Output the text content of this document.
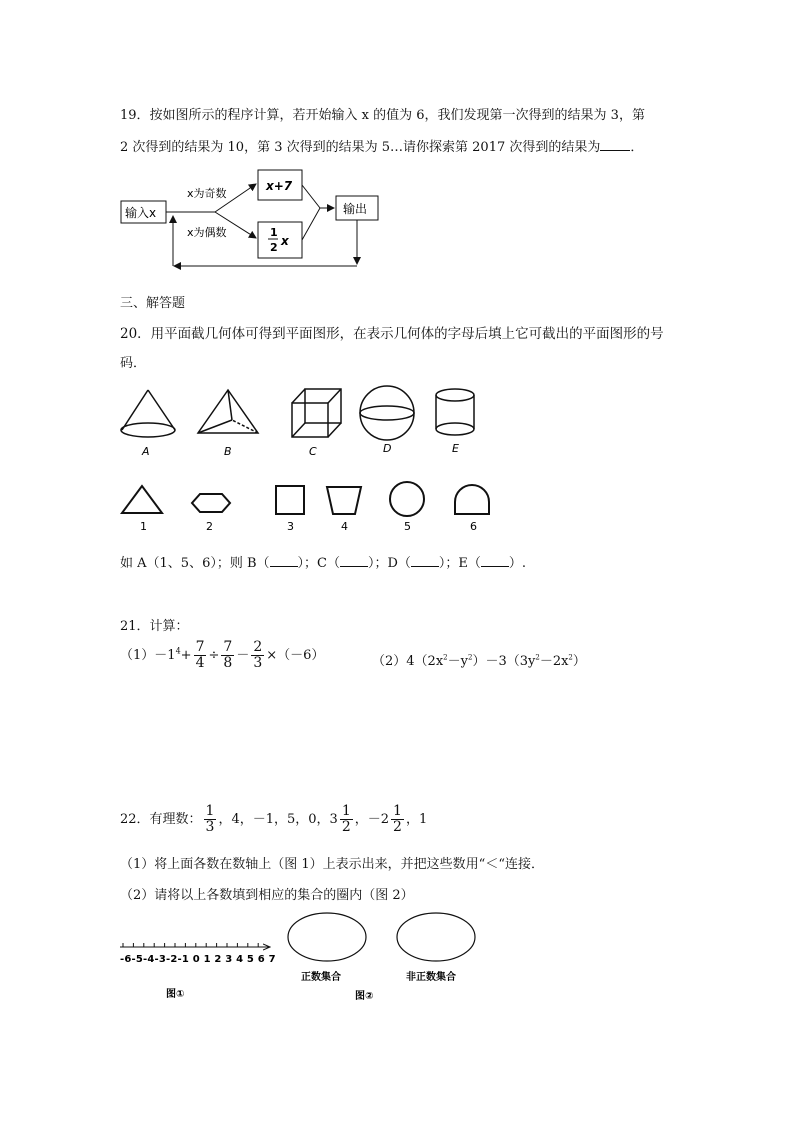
19．按如图所示的程序计算，若开始输入 x 的值为 6，我们发现第一次得到的结果为 3，第
2 次得到的结果为 10，第 3 次得到的结果为 5…请你探索第 2017 次得到的结果为 ．
输入x
x为奇数
x为偶数
x+7
1
2 x
输出
三、解答题
20．用平面截几何体可得到平面图形，在表示几何体的字母后填上它可截出的平面图形的号
码．
A	B	C	D	E
1	2	3	4	5	6
如 A（1、5、6）；则 B（ ）；C（ ）；D（ ）；E（ ）.
21．计算：
$(1)-1^4+ \frac{7}{4} \div \frac{7}{8} - \frac{2}{3} \times(-6)$	$(2)4(2x^2-y^2)-3(3y^2-2x^2)$
22．有理数： $\frac{1}{3}$ ，4，－1，5，0，$3 \frac{1}{2}$ ，$-2 \frac{1}{2}$ ，1
（1）将上面各数在数轴上（图 1）上表示出来，并把这些数用“＜“连接．
（2）请将以上各数填到相应的集合的圈内（图 2）
-6-5-4-3-2-1 0 1 2 3 4 5 6 7
正数集合	非正数集合
图①	图②
